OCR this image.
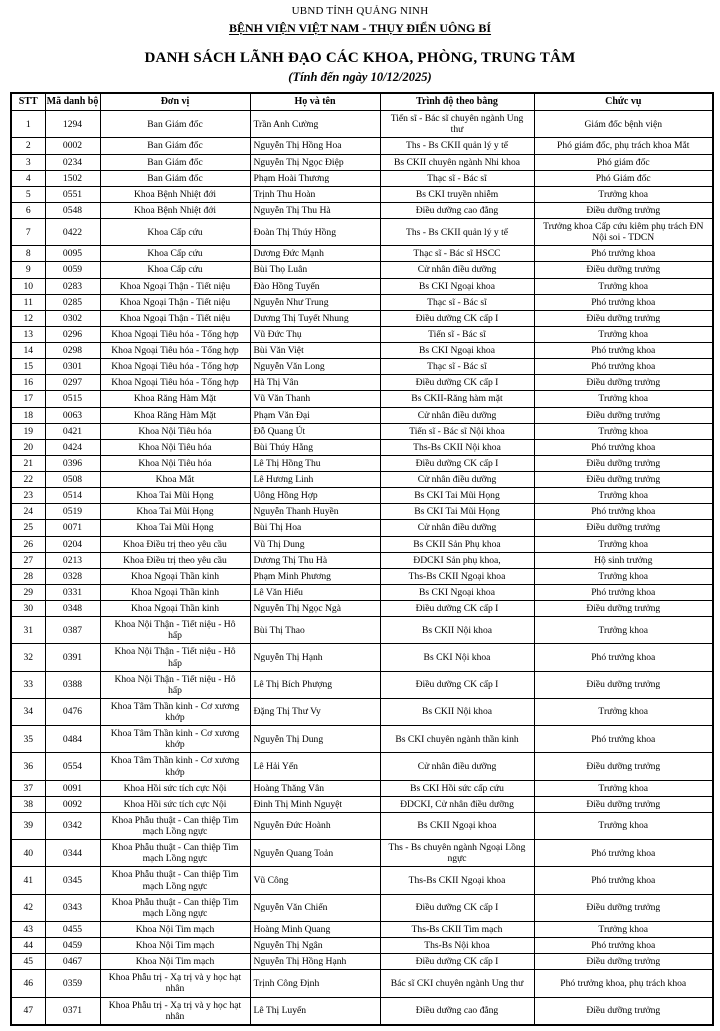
UBND TỈNH QUẢNG NINH
BỆNH VIỆN VIỆT NAM - THỤY ĐIỂN UÔNG BÍ
DANH SÁCH LÃNH ĐẠO CÁC KHOA, PHÒNG, TRUNG TÂM
(Tính đến ngày 10/12/2025)
STT	Mã danh bộ	Đơn vị	Họ và tên	Trình độ theo bằng	Chức vụ
1	1294	Ban Giám đốc	Trần Anh Cường	Tiến sĩ - Bác sĩ chuyên ngành Ung thư	Giám đốc bệnh viện
2	0002	Ban Giám đốc	Nguyễn Thị Hồng Hoa	Ths - Bs CKII quản lý y tế	Phó giám đốc, phụ trách khoa Mắt
3	0234	Ban Giám đốc	Nguyễn Thị Ngọc Điệp	Bs CKII chuyên ngành Nhi khoa	Phó giám đốc
4	1502	Ban Giám đốc	Phạm Hoài Thương	Thạc sĩ - Bác sĩ	Phó Giám đốc
5	0551	Khoa Bệnh Nhiệt đới	Trịnh Thu Hoàn	Bs CKI truyền nhiễm	Trưởng khoa
6	0548	Khoa Bệnh Nhiệt đới	Nguyễn Thị Thu Hà	Điều dưỡng cao đẳng	Điều dưỡng trưởng
7	0422	Khoa Cấp cứu	Đoàn Thị Thúy Hồng	Ths - Bs CKII quản lý y tế	Trưởng khoa Cấp cứu kiêm phụ trách ĐN Nội soi - TDCN
8	0095	Khoa Cấp cứu	Dương Đức Mạnh	Thạc sĩ - Bác sĩ HSCC	Phó trưởng khoa
9	0059	Khoa Cấp cứu	Bùi Thọ Luân	Cử nhân điều dưỡng	Điều dưỡng trưởng
10	0283	Khoa Ngoại Thận - Tiết niệu	Đào Hồng Tuyến	Bs CKI Ngoại khoa	Trưởng khoa
11	0285	Khoa Ngoại Thận - Tiết niệu	Nguyễn Như Trung	Thạc sĩ - Bác sĩ	Phó trưởng khoa
12	0302	Khoa Ngoại Thận - Tiết niệu	Dương Thị Tuyết Nhung	Điều dưỡng CK cấp I	Điều dưỡng trưởng
13	0296	Khoa Ngoại Tiêu hóa - Tổng hợp	Vũ Đức Thụ	Tiến sĩ - Bác sĩ	Trưởng khoa
14	0298	Khoa Ngoại Tiêu hóa - Tổng hợp	Bùi Văn Việt	Bs CKI Ngoại khoa	Phó trưởng khoa
15	0301	Khoa Ngoại Tiêu hóa - Tổng hợp	Nguyễn Văn Long	Thạc sĩ - Bác sĩ	Phó trưởng khoa
16	0297	Khoa Ngoại Tiêu hóa - Tổng hợp	Hà Thị Vân	Điều dưỡng CK cấp I	Điều dưỡng trưởng
17	0515	Khoa Răng Hàm Mặt	Vũ Văn Thanh	Bs CKII-Răng hàm mặt	Trưởng khoa
18	0063	Khoa Răng Hàm Mặt	Phạm Văn Đại	Cử nhân điều dưỡng	Điều dưỡng trưởng
19	0421	Khoa Nội Tiêu hóa	Đỗ Quang Út	Tiến sĩ - Bác sĩ Nội khoa	Trưởng khoa
20	0424	Khoa Nội Tiêu hóa	Bùi Thúy Hằng	Ths-Bs CKII Nội khoa	Phó trưởng khoa
21	0396	Khoa Nội Tiêu hóa	Lê Thị Hồng Thu	Điều dưỡng CK cấp I	Điều dưỡng trưởng
22	0508	Khoa Mắt	Lê Hương Linh	Cử nhân điều dưỡng	Điều dưỡng trưởng
23	0514	Khoa Tai Mũi Họng	Uông Hồng Hợp	Bs CKI Tai Mũi Họng	Trưởng khoa
24	0519	Khoa Tai Mũi Họng	Nguyễn Thanh Huyền	Bs CKI Tai Mũi Họng	Phó trưởng khoa
25	0071	Khoa Tai Mũi Họng	Bùi Thị Hoa	Cử nhân điều dưỡng	Điều dưỡng trưởng
26	0204	Khoa Điều trị theo yêu cầu	Vũ Thị Dung	Bs CKII Sản Phụ khoa	Trưởng khoa
27	0213	Khoa Điều trị theo yêu cầu	Dương Thị Thu Hà	ĐDCKI Sản phụ khoa,	Hộ sinh trưởng
28	0328	Khoa Ngoại Thần kinh	Phạm Minh Phương	Ths-Bs CKII Ngoại khoa	Trưởng khoa
29	0331	Khoa Ngoại Thần kinh	Lê Văn Hiếu	Bs CKI Ngoại khoa	Phó trưởng khoa
30	0348	Khoa Ngoại Thần kinh	Nguyễn Thị Ngọc Ngà	Điều dưỡng CK cấp I	Điều dưỡng trưởng
31	0387	Khoa Nội Thận - Tiết niệu - Hô hấp	Bùi Thị Thao	Bs CKII Nội khoa	Trưởng khoa
32	0391	Khoa Nội Thận - Tiết niệu - Hô hấp	Nguyễn Thị Hạnh	Bs CKI Nội khoa	Phó trưởng khoa
33	0388	Khoa Nội Thận - Tiết niệu - Hô hấp	Lê Thị Bích Phượng	Điều dưỡng CK cấp I	Điều dưỡng trưởng
34	0476	Khoa Tâm Thần kinh - Cơ xương khớp	Đặng Thị Thư Vy	Bs CKII Nội khoa	Trưởng khoa
35	0484	Khoa Tâm Thần kinh - Cơ xương khớp	Nguyễn Thị Dung	Bs CKI chuyên ngành thần kinh	Phó trưởng khoa
36	0554	Khoa Tâm Thần kinh - Cơ xương khớp	Lê Hải Yến	Cử nhân điều dưỡng	Điều dưỡng trưởng
37	0091	Khoa Hồi sức tích cực Nội	Hoàng Thăng Vân	Bs CKI Hồi sức cấp cứu	Trưởng khoa
38	0092	Khoa Hồi sức tích cực Nội	Đinh Thị Minh Nguyệt	ĐDCKI, Cử nhân điều dưỡng	Điều dưỡng trưởng
39	0342	Khoa Phẫu thuật - Can thiệp Tim mạch Lồng ngực	Nguyễn Đức Hoành	Bs CKII Ngoại khoa	Trưởng khoa
40	0344	Khoa Phẫu thuật - Can thiệp Tim mạch Lồng ngực	Nguyễn Quang Toản	Ths - Bs chuyên ngành Ngoại Lồng ngực	Phó trưởng khoa
41	0345	Khoa Phẫu thuật - Can thiệp Tim mạch Lồng ngực	Vũ Công	Ths-Bs CKII Ngoại khoa	Phó trưởng khoa
42	0343	Khoa Phẫu thuật - Can thiệp Tim mạch Lồng ngực	Nguyễn Văn Chiến	Điều dưỡng CK cấp I	Điều dưỡng trưởng
43	0455	Khoa Nội Tim mạch	Hoàng Minh Quang	Ths-Bs CKII Tim mạch	Trưởng khoa
44	0459	Khoa Nội Tim mạch	Nguyễn Thị Ngân	Ths-Bs Nội khoa	Phó trưởng khoa
45	0467	Khoa Nội Tim mạch	Nguyễn Thị Hồng Hạnh	Điều dưỡng CK cấp I	Điều dưỡng trưởng
46	0359	Khoa Phẫu trị - Xạ trị và y học hạt nhân	Trịnh Công Định	Bác sĩ CKI chuyên ngành Ung thư	Phó trưởng khoa, phụ trách khoa
47	0371	Khoa Phẫu trị - Xạ trị và y học hạt nhân	Lê Thị Luyến	Điều dưỡng cao đẳng	Điều dưỡng trưởng
